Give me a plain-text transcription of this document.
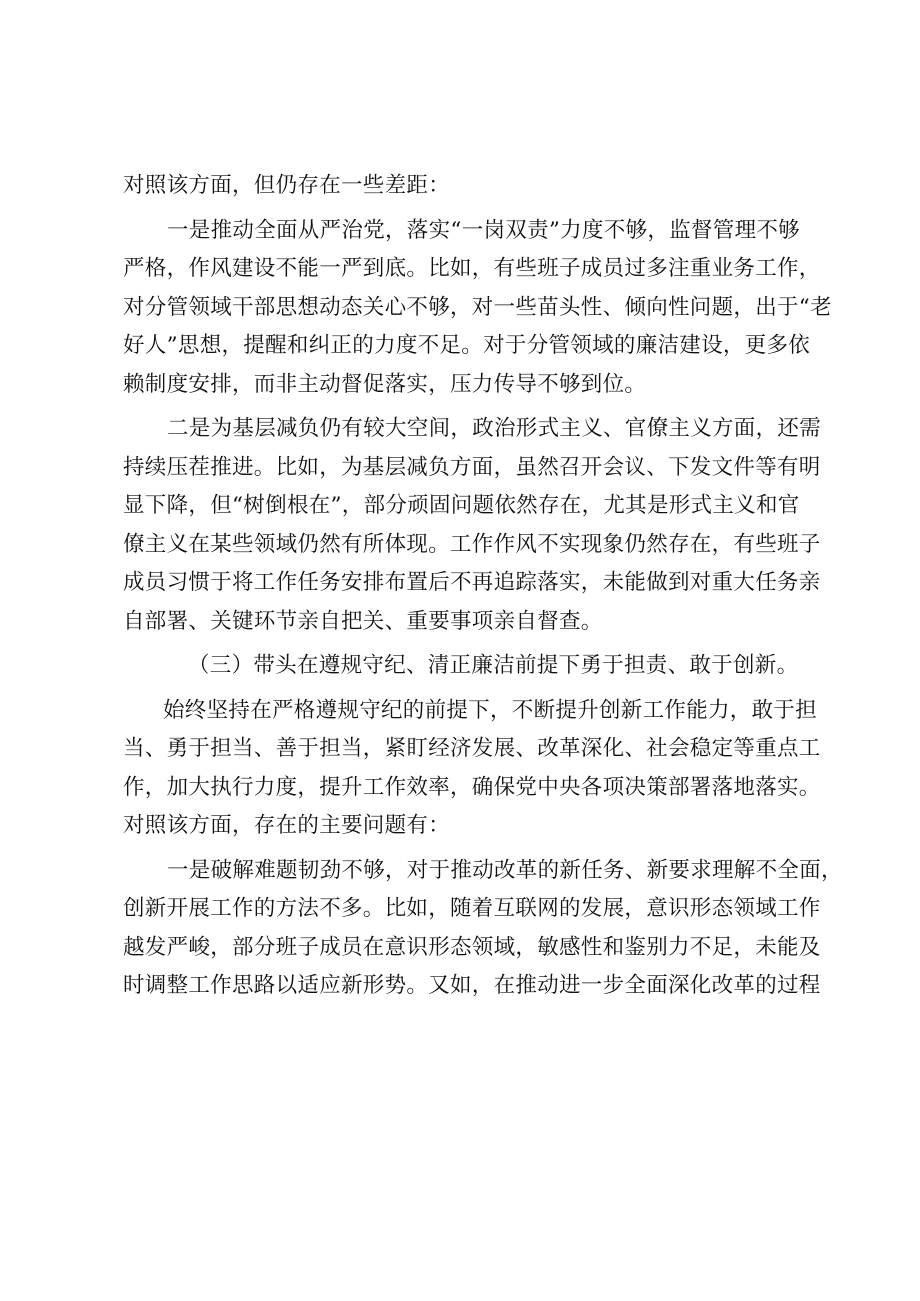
对照该方面，但仍存在一些差距：
一是推动全面从严治党，落实“一岗双责”力度不够，监督管理不够
严格，作风建设不能一严到底。比如，有些班子成员过多注重业务工作，
对分管领域干部思想动态关心不够，对一些苗头性、倾向性问题，出于“老
好人”思想，提醒和纠正的力度不足。对于分管领域的廉洁建设，更多依
赖制度安排，而非主动督促落实，压力传导不够到位。
二是为基层减负仍有较大空间，政治形式主义、官僚主义方面，还需
持续压茬推进。比如，为基层减负方面，虽然召开会议、下发文件等有明
显下降，但“树倒根在”，部分顽固问题依然存在，尤其是形式主义和官
僚主义在某些领域仍然有所体现。工作作风不实现象仍然存在，有些班子
成员习惯于将工作任务安排布置后不再追踪落实，未能做到对重大任务亲
自部署、关键环节亲自把关、重要事项亲自督查。
（三）带头在遵规守纪、清正廉洁前提下勇于担责、敢于创新。
始终坚持在严格遵规守纪的前提下，不断提升创新工作能力，敢于担
当、勇于担当、善于担当，紧盯经济发展、改革深化、社会稳定等重点工
作，加大执行力度，提升工作效率，确保党中央各项决策部署落地落实。
对照该方面，存在的主要问题有：
一是破解难题韧劲不够，对于推动改革的新任务、新要求理解不全面，
创新开展工作的方法不多。比如，随着互联网的发展，意识形态领域工作
越发严峻，部分班子成员在意识形态领域，敏感性和鉴别力不足，未能及
时调整工作思路以适应新形势。又如，在推动进一步全面深化改革的过程
